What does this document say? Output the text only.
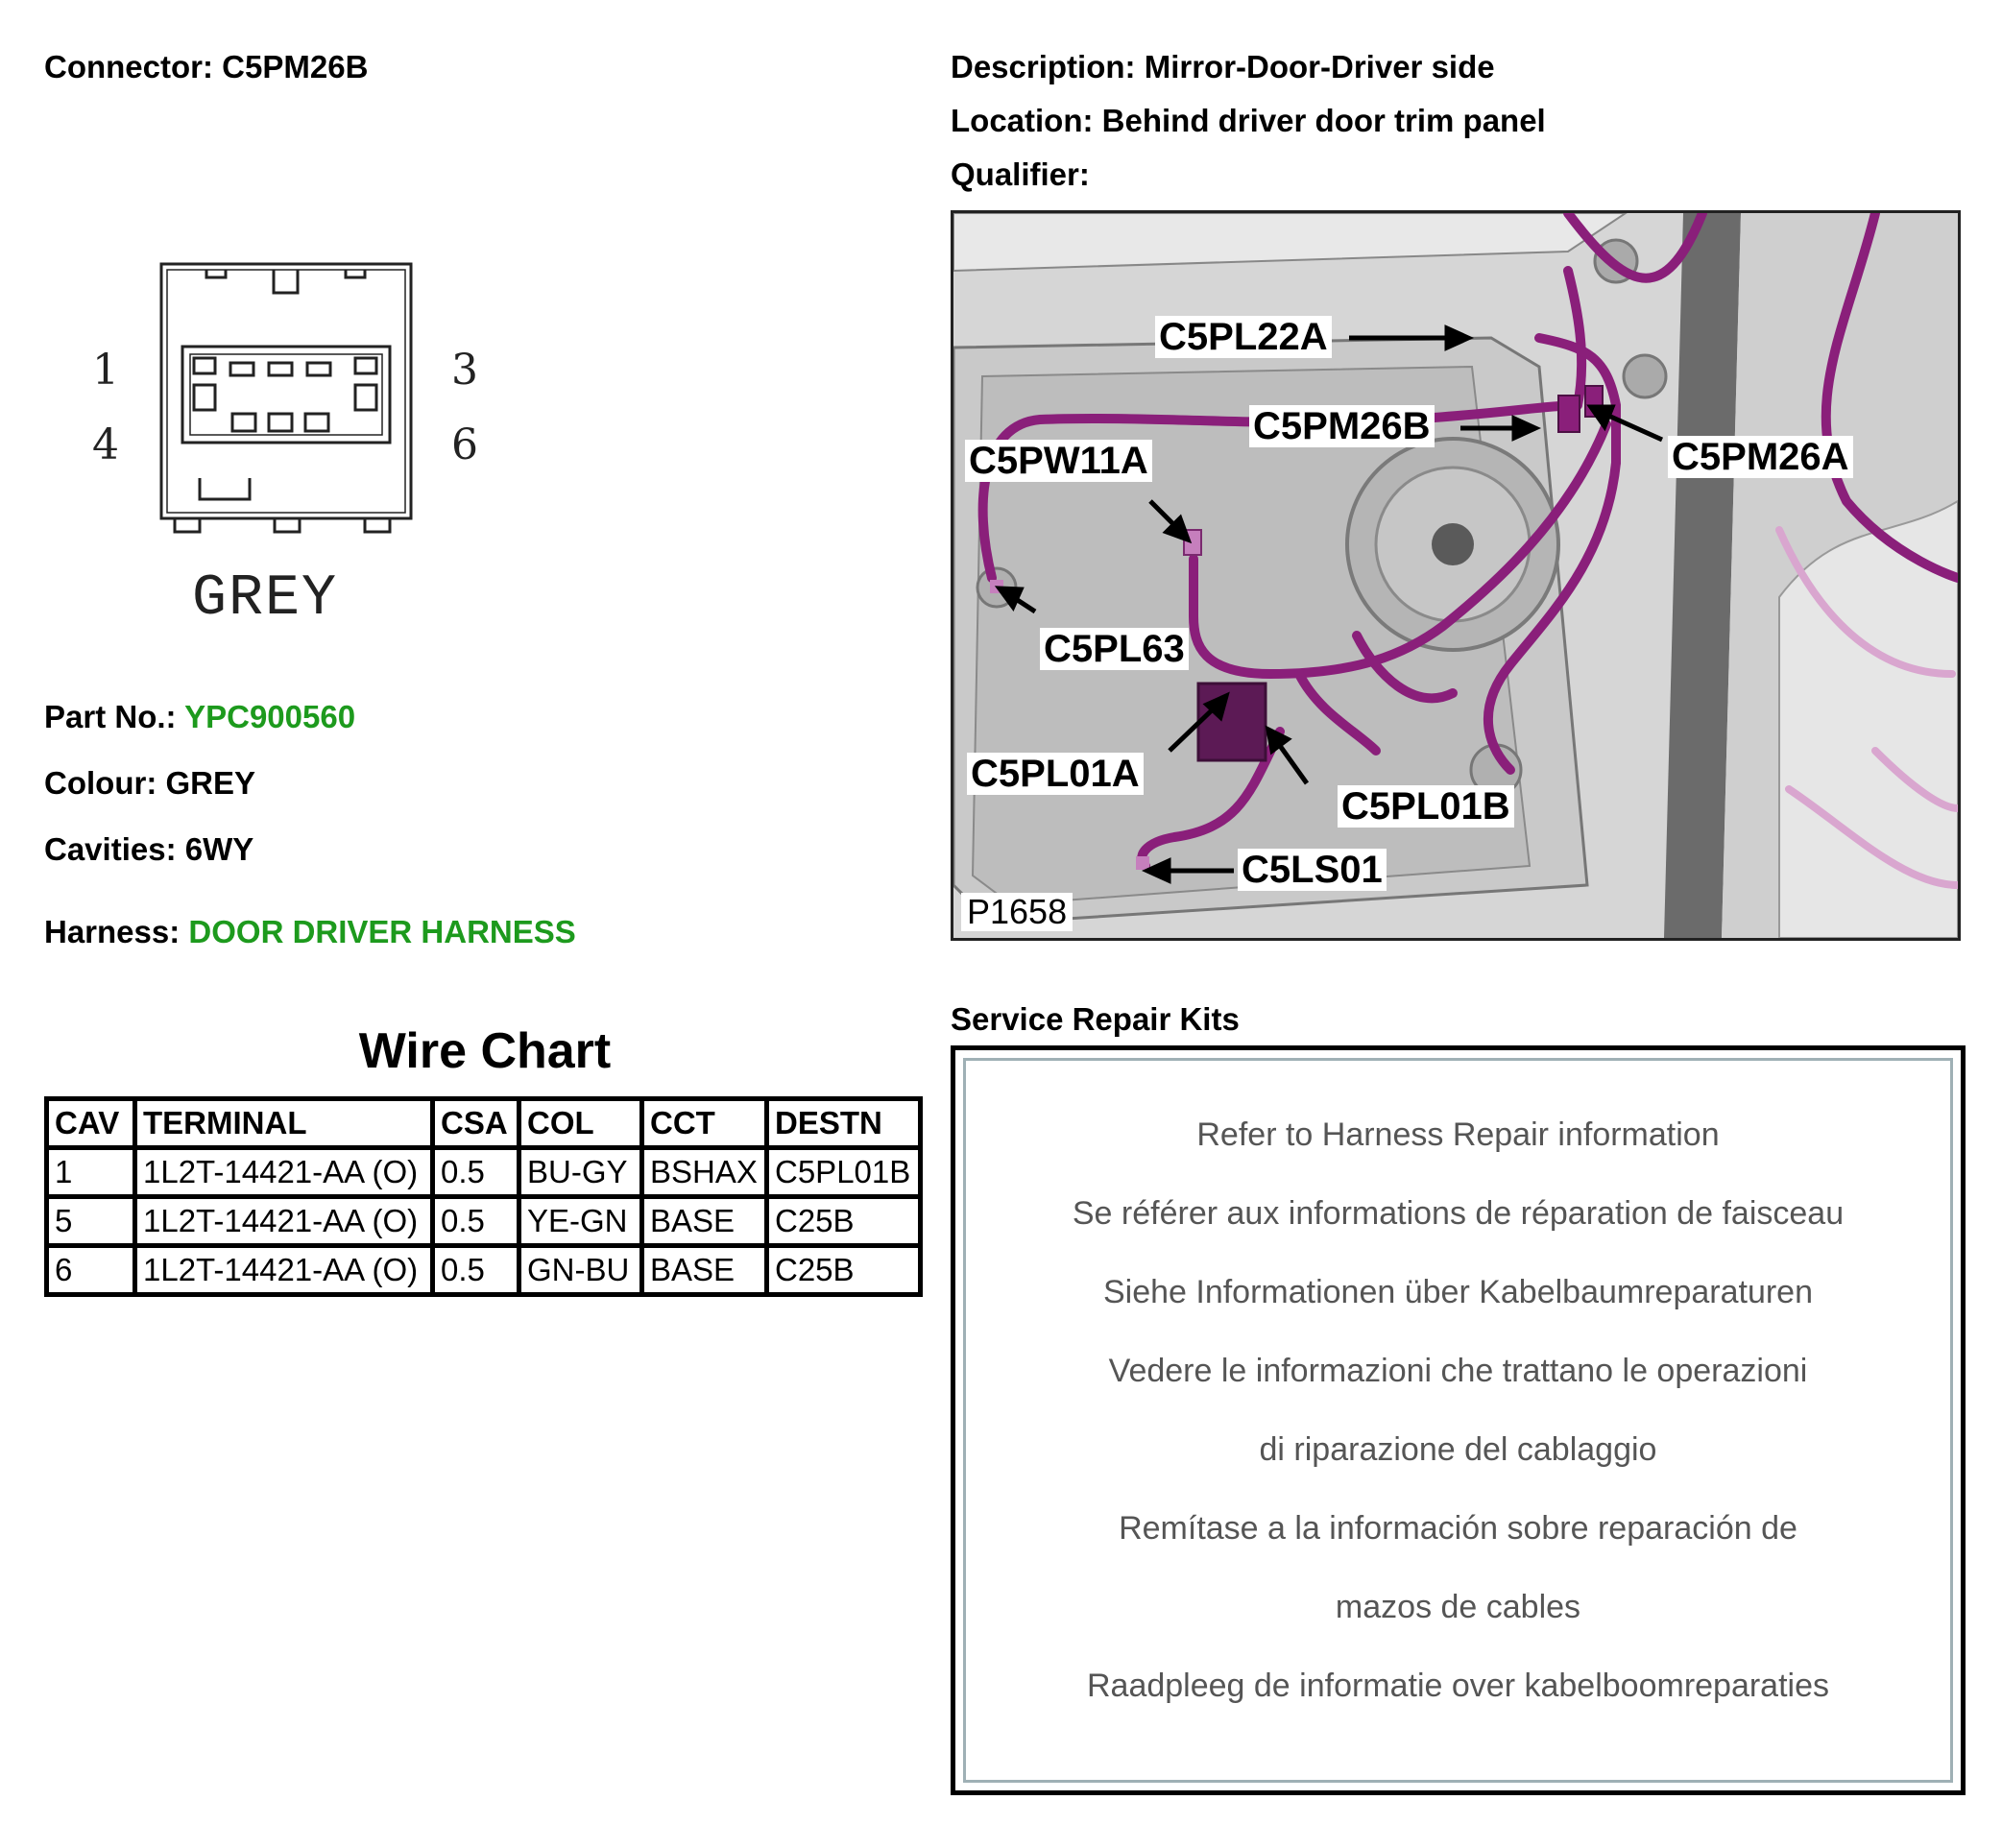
Connector: C5PM26B
1
4
3
6
GREY
Part No.: YPC900560
Colour: GREY
Cavities: 6WY
Harness: DOOR DRIVER HARNESS
Wire Chart
CAV	TERMINAL	CSA	COL	CCT	DESTN
1	1L2T-14421-AA (O)	0.5	BU-GY	BSHAX	C5PL01B
5	1L2T-14421-AA (O)	0.5	YE-GN	BASE	C25B
6	1L2T-14421-AA (O)	0.5	GN-BU	BASE	C25B
Description: Mirror-Door-Driver side
Location: Behind driver door trim panel
Qualifier:
C5PL22A
C5PM26B
C5PM26A
C5PW11A
C5PL63
C5PL01A
C5PL01B
C5LS01
P1658
Service Repair Kits
Refer to Harness Repair information
Se référer aux informations de réparation de faisceau
Siehe Informationen über Kabelbaumreparaturen
Vedere le informazioni che trattano le operazioni
di riparazione del cablaggio
Remítase a la información sobre reparación de
mazos de cables
Raadpleeg de informatie over kabelboomreparaties
